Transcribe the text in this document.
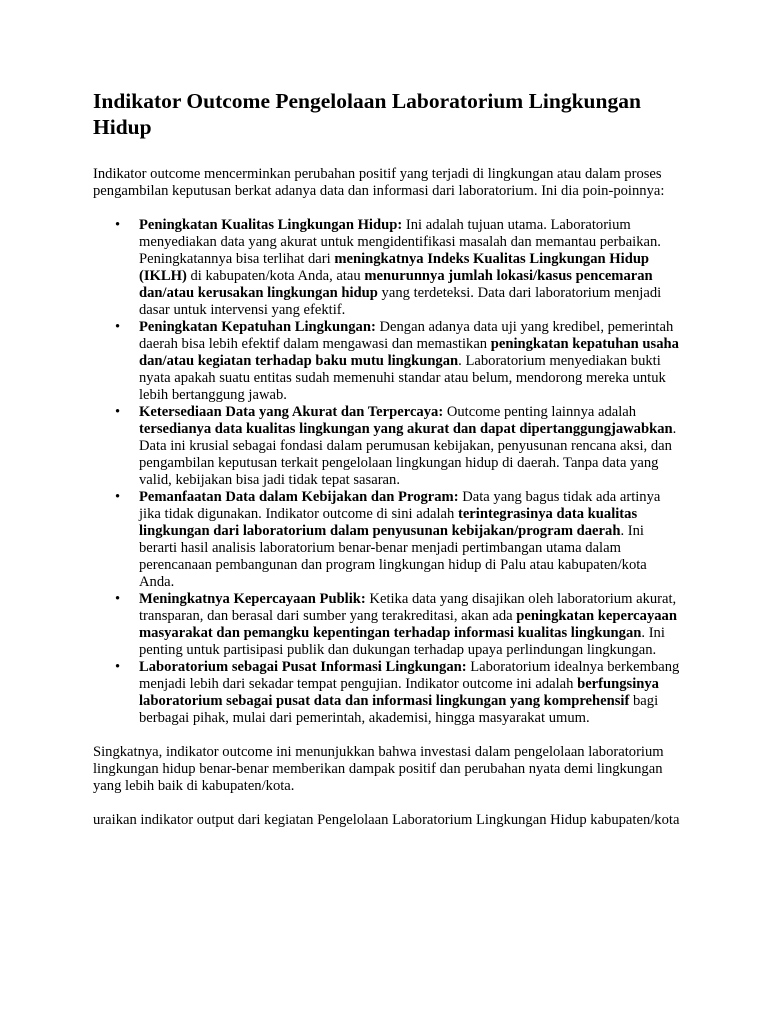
Indikator Outcome Pengelolaan Laboratorium Lingkungan Hidup

Indikator outcome mencerminkan perubahan positif yang terjadi di lingkungan atau dalam proses pengambilan keputusan berkat adanya data dan informasi dari laboratorium. Ini dia poin-poinnya:

• Peningkatan Kualitas Lingkungan Hidup: Ini adalah tujuan utama. Laboratorium menyediakan data yang akurat untuk mengidentifikasi masalah dan memantau perbaikan. Peningkatannya bisa terlihat dari meningkatnya Indeks Kualitas Lingkungan Hidup (IKLH) di kabupaten/kota Anda, atau menurunnya jumlah lokasi/kasus pencemaran dan/atau kerusakan lingkungan hidup yang terdeteksi. Data dari laboratorium menjadi dasar untuk intervensi yang efektif.
• Peningkatan Kepatuhan Lingkungan: Dengan adanya data uji yang kredibel, pemerintah daerah bisa lebih efektif dalam mengawasi dan memastikan peningkatan kepatuhan usaha dan/atau kegiatan terhadap baku mutu lingkungan. Laboratorium menyediakan bukti nyata apakah suatu entitas sudah memenuhi standar atau belum, mendorong mereka untuk lebih bertanggung jawab.
• Ketersediaan Data yang Akurat dan Terpercaya: Outcome penting lainnya adalah tersedianya data kualitas lingkungan yang akurat dan dapat dipertanggungjawabkan. Data ini krusial sebagai fondasi dalam perumusan kebijakan, penyusunan rencana aksi, dan pengambilan keputusan terkait pengelolaan lingkungan hidup di daerah. Tanpa data yang valid, kebijakan bisa jadi tidak tepat sasaran.
• Pemanfaatan Data dalam Kebijakan dan Program: Data yang bagus tidak ada artinya jika tidak digunakan. Indikator outcome di sini adalah terintegrasinya data kualitas lingkungan dari laboratorium dalam penyusunan kebijakan/program daerah. Ini berarti hasil analisis laboratorium benar-benar menjadi pertimbangan utama dalam perencanaan pembangunan dan program lingkungan hidup di Palu atau kabupaten/kota Anda.
• Meningkatnya Kepercayaan Publik: Ketika data yang disajikan oleh laboratorium akurat, transparan, dan berasal dari sumber yang terakreditasi, akan ada peningkatan kepercayaan masyarakat dan pemangku kepentingan terhadap informasi kualitas lingkungan. Ini penting untuk partisipasi publik dan dukungan terhadap upaya perlindungan lingkungan.
• Laboratorium sebagai Pusat Informasi Lingkungan: Laboratorium idealnya berkembang menjadi lebih dari sekadar tempat pengujian. Indikator outcome ini adalah berfungsinya laboratorium sebagai pusat data dan informasi lingkungan yang komprehensif bagi berbagai pihak, mulai dari pemerintah, akademisi, hingga masyarakat umum.

Singkatnya, indikator outcome ini menunjukkan bahwa investasi dalam pengelolaan laboratorium lingkungan hidup benar-benar memberikan dampak positif dan perubahan nyata demi lingkungan yang lebih baik di kabupaten/kota.

uraikan indikator output dari kegiatan Pengelolaan Laboratorium Lingkungan Hidup kabupaten/kota
